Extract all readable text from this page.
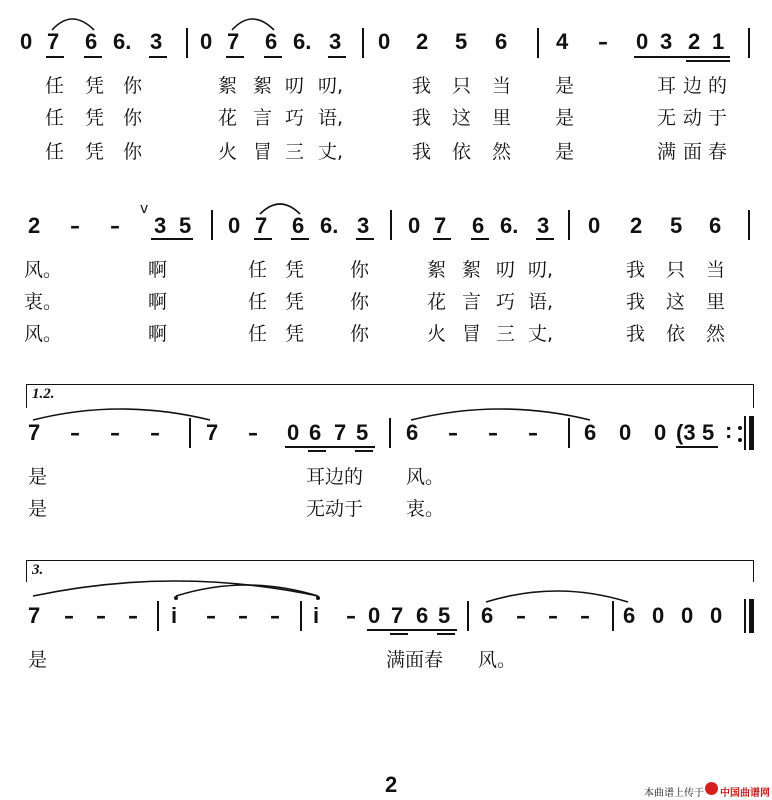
0 7 6 6. 3 0 7 6 6. 3 0 2 5 6 4 – 0 3 2 1
任 凭 你	絮 絮 叨 叨,	我 只 当 是	耳 边 的
任 凭 你	花 言 巧 语,	我 这 里 是	无 动 于
任 凭 你	火 冒 三 丈,	我 依 然 是	满 面 春
v
2 – – 3 5 0 7 6 6. 3 0 7 6 6. 3 0 2 5 6
风。	啊	任 凭 你	絮 絮 叨 叨,	我 只 当
衷。	啊	任 凭 你	花 言 巧 语,	我 这 里
风。	啊	任 凭 你	火 冒 三 丈,	我 依 然
1.2.
7 – – – 7 – 0 6 7 5 6 – – – 6 0 0 (3 5 :
是	耳边的 风。
是	无动于 衷。
3.
7 – – – i – – – i – 0 7 6 5 6 – – – 6 0 0 0
是	满面春 风。
2	本曲谱上传于 中国曲谱网
